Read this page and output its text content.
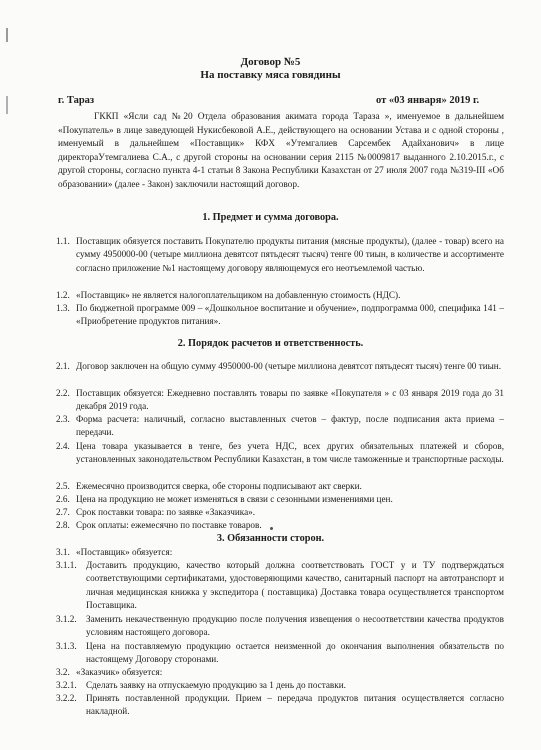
Договор №5
На поставку мяса говядины
г. Тараз	от «03 января» 2019 г.
ГККП «Ясли сад №20 Отдела образования акимата города Тараза », именуемое в дальнейшем «Покупатель» в лице заведующей Нукисбековой А.Е., действующего на основании Устава и с одной стороны , именуемый в дальнейшем «Поставщик» КФХ «Утемгалиев Сарсембек Адайханович» в лице директораУтемгалиева С.А., с другой стороны на основании серия 2115 №0009817 выданного 2.10.2015.г., с другой стороны, согласно пункта 4-1 статьи 8 Закона Республики Казахстан от 27 июля 2007 года №319-III «Об образовании» (далее - Закон) заключили настоящий договор.
1. Предмет и сумма договора.
1.1. Поставщик обязуется поставить Покупателю продукты питания (мясные продукты), (далее - товар) всего на сумму 4950000-00 (четыре миллиона девятсот пятьдесят тысяч) тенге 00 тиын, в количестве и ассортименте согласно приложение №1 настоящему договору являющемуся его неотъемлемой частью.
1.2. «Поставщик» не является налогоплательщиком на добавленную стоимость (НДС).
1.3. По бюджетной программе 009 – «Дошкольное воспитание и обучение», подпрограмма 000, специфика 141 – «Приобретение продуктов питания».
2. Порядок расчетов и ответственность.
2.1. Договор заключен на общую сумму 4950000-00 (четыре миллиона девятсот пятьдесят тысяч) тенге 00 тиын.
2.2. Поставщик обязуется: Ежедневно поставлять товары по заявке «Покупателя » с 03 января 2019 года до 31 декабря 2019 года.
2.3. Форма расчета: наличный, согласно выставленных счетов – фактур, после подписания акта приема – передачи.
2.4. Цена товара указывается в тенге, без учета НДС, всех других обязательных платежей и сборов, установленных законодательством Республики Казахстан, в том числе таможенные и транспортные расходы.
2.5. Ежемесячно производится сверка, обе стороны подписывают акт сверки.
2.6. Цена на продукцию не может изменяться в связи с сезонными изменениями цен.
2.7. Срок поставки товара: по заявке «Заказчика».
2.8. Срок оплаты: ежемесячно по поставке товаров.
3. Обязанности сторон.
3.1. «Поставщик» обязуется:
3.1.1.	Доставить продукцию, качество который должна соответствовать ГОСТ у и ТУ подтверждаться соответствующими сертификатами, удостоверяющими качество, санитарный паспорт на автотранспорт и личная медицинская книжка у экспедитора ( поставщика) Доставка товара осуществляется транспортом Поставщика.
3.1.2.	Заменить некачественную продукцию после получения извещения о несоответствии качества продуктов условиям настоящего договора.
3.1.3.	Цена на поставляемую продукцию остается неизменной до окончания выполнения обязательств по настоящему Договору сторонами.
3.2. «Заказчик» обязуется:
3.2.1.	Сделать заявку на отпускаемую продукцию за 1 день до поставки.
3.2.2.	Принять поставленной продукции. Прием – передача продуктов питания осуществляется согласно накладной.
